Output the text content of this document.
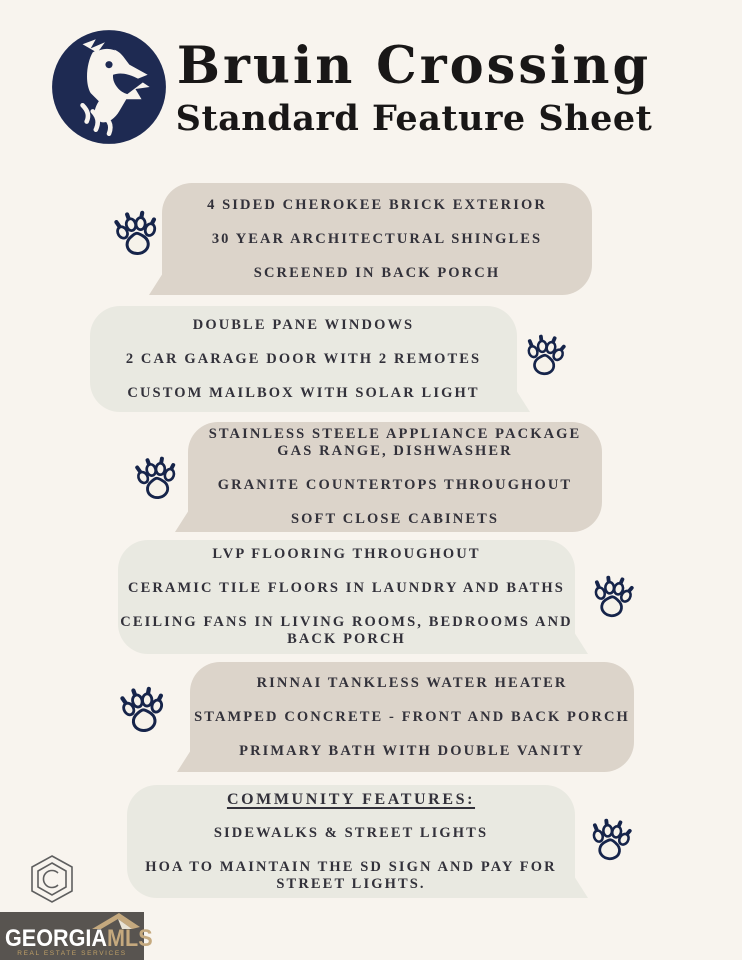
Bruin Crossing
Standard Feature Sheet
4 SIDED CHEROKEE BRICK EXTERIOR
30 YEAR ARCHITECTURAL SHINGLES
SCREENED IN BACK PORCH
DOUBLE PANE WINDOWS
2 CAR GARAGE DOOR WITH 2 REMOTES
CUSTOM MAILBOX WITH SOLAR LIGHT
STAINLESS STEELE APPLIANCE PACKAGE
GAS RANGE, DISHWASHER
GRANITE COUNTERTOPS THROUGHOUT
SOFT CLOSE CABINETS
LVP FLOORING THROUGHOUT
CERAMIC TILE FLOORS IN LAUNDRY AND BATHS
CEILING FANS IN LIVING ROOMS, BEDROOMS AND
BACK PORCH
RINNAI TANKLESS WATER HEATER
STAMPED CONCRETE - FRONT AND BACK PORCH
PRIMARY BATH WITH DOUBLE VANITY
COMMUNITY FEATURES:
SIDEWALKS & STREET LIGHTS
HOA TO MAINTAIN THE SD SIGN AND PAY FOR
STREET LIGHTS.
GEORGIAMLS
REAL ESTATE SERVICES
